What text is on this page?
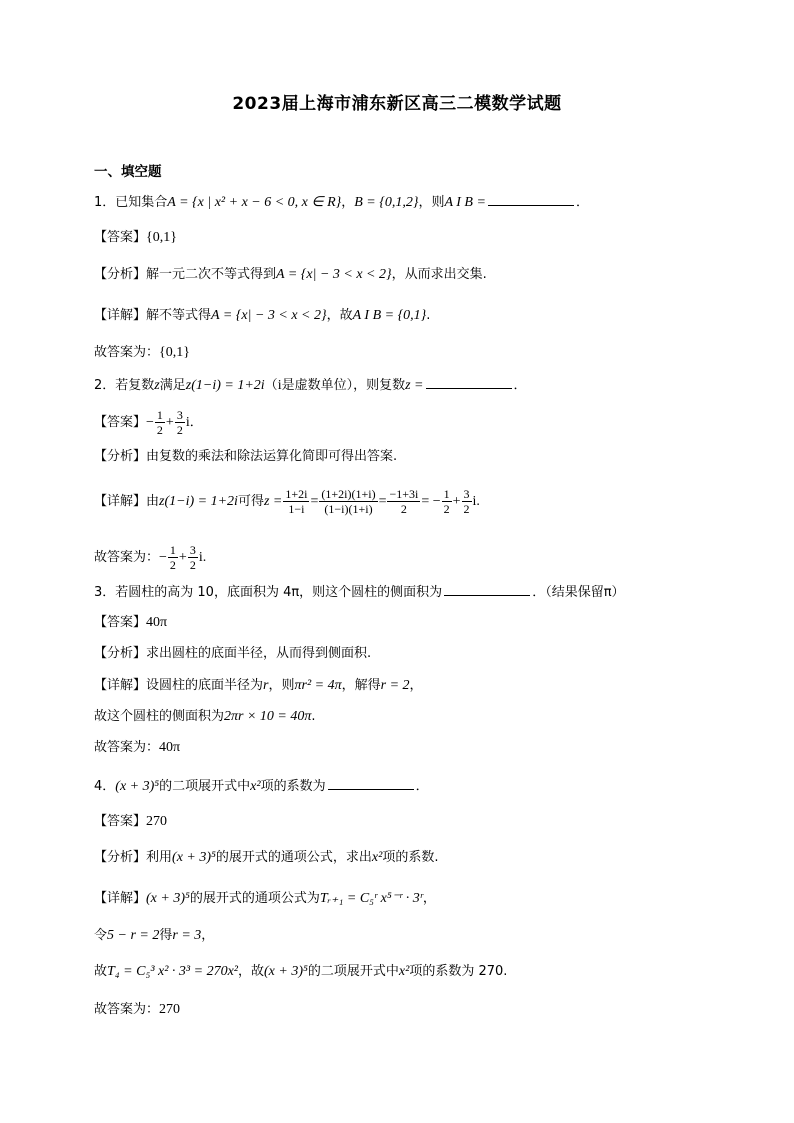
2023届上海市浦东新区高三二模数学试题
一、填空题
1．已知集合A = {x | x² + x − 6 < 0, x ∈ R}，B = {0,1,2}，则A I B =	．
【答案】{0,1}
【分析】解一元二次不等式得到A = {x| − 3 < x < 2}，从而求出交集.
【详解】解不等式得A = {x| − 3 < x < 2}，故A I B = {0,1}.
故答案为：{0,1}
2．若复数z满足z(1−i) = 1+2i（i是虚数单位），则复数z =	．
【答案】− $\frac{1}{2} + \frac{3}{2}$ i．
【分析】由复数的乘法和除法运算化简即可得出答案.
【详解】由z(1−i) = 1+2i可得$z = \frac{1+2i}{1-i} = \frac{(1+2i)(1+i)}{(1-i)(1+i)} = \frac{-1+3i}{2}$ = − $\frac{1}{2} + \frac{3}{2} i$.
故答案为：− $\frac{1}{2} + \frac{3}{2} i$.
3．若圆柱的高为 10，底面积为 4π，则这个圆柱的侧面积为	．（结果保留π）
【答案】40π
【分析】求出圆柱的底面半径，从而得到侧面积.
【详解】设圆柱的底面半径为r，则πr² = 4π，解得r = 2，
故这个圆柱的侧面积为2πr × 10 = 40π.
故答案为：40π
4．(x + 3)⁵的二项展开式中x²项的系数为	．
【答案】270
【分析】利用(x + 3)⁵的展开式的通项公式，求出x²项的系数.
【详解】(x + 3)⁵的展开式的通项公式为Tᵣ₊₁ = C₅ʳ x⁵⁻ʳ · 3ʳ，
令5 − r = 2得r = 3，
故T₄ = C₅³ x² · 3³ = 270x²，故(x + 3)⁵的二项展开式中x²项的系数为 270.
故答案为：270
